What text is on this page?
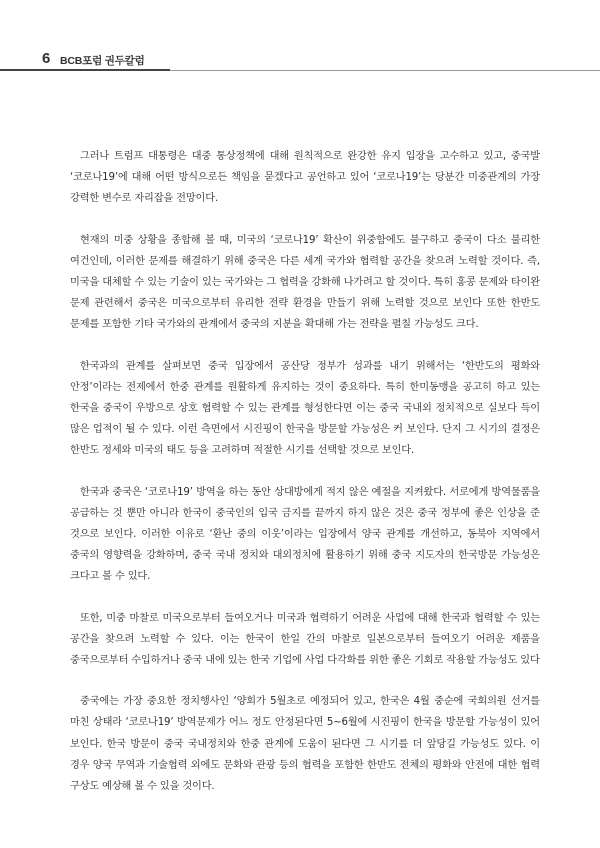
6 BCB포럼 권두칼럼

그러나 트럼프 대통령은 대중 통상정책에 대해 원칙적으로 완강한 유지 입장을 고수하고 있고, 중국발 ‘코로나19’에 대해 어떤 방식으로든 책임을 묻겠다고 공언하고 있어 ‘코로나19’는 당분간 미중관계의 가장 강력한 변수로 자리잡을 전망이다.

현재의 미중 상황을 종합해 볼 때, 미국의 ‘코로나19’ 확산이 위중함에도 불구하고 중국이 다소 불리한 여건인데, 이러한 문제를 해결하기 위해 중국은 다른 세계 국가와 협력할 공간을 찾으려 노력할 것이다. 즉, 미국을 대체할 수 있는 기술이 있는 국가와는 그 협력을 강화해 나가려고 할 것이다. 특히 홍콩 문제와 타이완 문제 관련해서 중국은 미국으로부터 유리한 전략 환경을 만들기 위해 노력할 것으로 보인다 또한 한반도 문제를 포함한 기타 국가와의 관계에서 중국의 지분을 확대해 가는 전략을 펼칠 가능성도 크다.

한국과의 관계를 살펴보면 중국 입장에서 공산당 정부가 성과를 내기 위해서는 ‘한반도의 평화와 안정’이라는 전제에서 한중 관계를 원활하게 유지하는 것이 중요하다. 특히 한미동맹을 공고히 하고 있는 한국을 중국이 우방으로 상호 협력할 수 있는 관계를 형성한다면 이는 중국 국내외 정치적으로 실보다 득이 많은 업적이 될 수 있다. 이런 측면에서 시진핑이 한국을 방문할 가능성은 커 보인다. 단지 그 시기의 결정은 한반도 정세와 미국의 태도 등을 고려하며 적절한 시기를 선택할 것으로 보인다.

한국과 중국은 ‘코로나19’ 방역을 하는 동안 상대방에게 적지 않은 예절을 지켜왔다. 서로에게 방역물품을 공급하는 것 뿐만 아니라 한국이 중국인의 입국 금지를 끝까지 하지 않은 것은 중국 정부에 좋은 인상을 준 것으로 보인다. 이러한 이유로 ‘환난 중의 이웃’이라는 입장에서 양국 관계를 개선하고, 동북아 지역에서 중국의 영향력을 강화하며, 중국 국내 정치와 대외정치에 활용하기 위해 중국 지도자의 한국방문 가능성은 크다고 볼 수 있다.

또한, 미중 마찰로 미국으로부터 들여오거나 미국과 협력하기 어려운 사업에 대해 한국과 협력할 수 있는 공간을 찾으려 노력할 수 있다. 이는 한국이 한일 간의 마찰로 일본으로부터 들여오기 어려운 제품을 중국으로부터 수입하거나 중국 내에 있는 한국 기업에 사업 다각화를 위한 좋은 기회로 작용할 가능성도 있다

중국에는 가장 중요한 정치행사인 ‘양회가 5월초로 예정되어 있고, 한국은 4월 중순에 국회의원 선거를 마친 상태라 ‘코로나19’ 방역문제가 어느 정도 안정된다면 5~6월에 시진핑이 한국을 방문할 가능성이 있어 보인다. 한국 방문이 중국 국내정치와 한중 관계에 도움이 된다면 그 시기를 더 앞당길 가능성도 있다. 이 경우 양국 무역과 기술협력 외에도 문화와 관광 등의 협력을 포함한 한반도 전체의 평화와 안전에 대한 협력 구상도 예상해 볼 수 있을 것이다.
